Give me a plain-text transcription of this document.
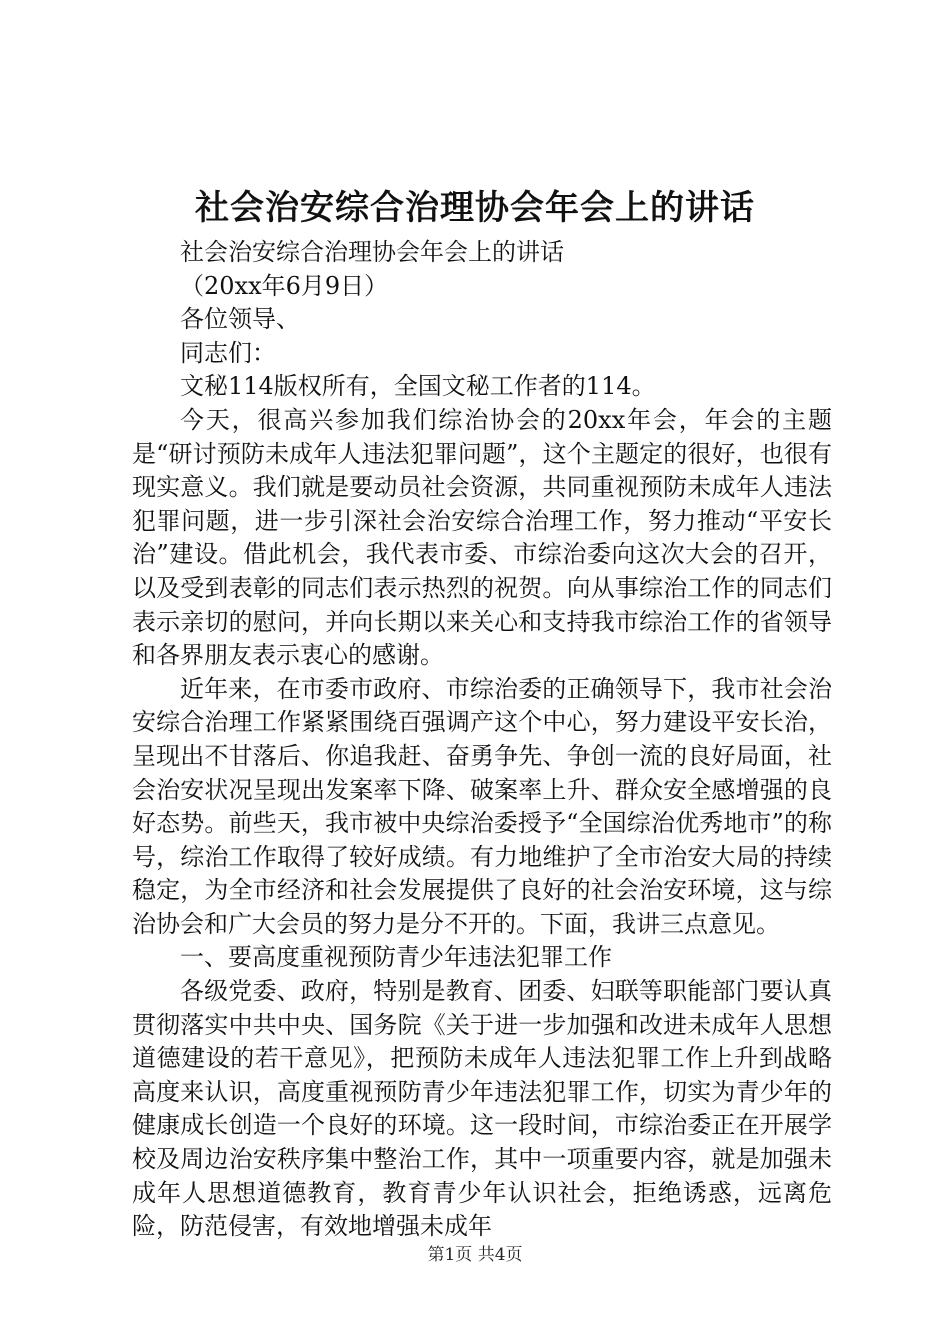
社会治安综合治理协会年会上的讲话

社会治安综合治理协会年会上的讲话

（20xx年6月9日）

各位领导、

同志们：

文秘114版权所有，全国文秘工作者的114。

今天，很高兴参加我们综治协会的20xx年会，年会的主题是“研讨预防未成年人违法犯罪问题”，这个主题定的很好，也很有现实意义。我们就是要动员社会资源，共同重视预防未成年人违法犯罪问题，进一步引深社会治安综合治理工作，努力推动“平安长治”建设。借此机会，我代表市委、市综治委向这次大会的召开，以及受到表彰的同志们表示热烈的祝贺。向从事综治工作的同志们表示亲切的慰问，并向长期以来关心和支持我市综治工作的省领导和各界朋友表示衷心的感谢。

近年来，在市委市政府、市综治委的正确领导下，我市社会治安综合治理工作紧紧围绕百强调产这个中心，努力建设平安长治，呈现出不甘落后、你追我赶、奋勇争先、争创一流的良好局面，社会治安状况呈现出发案率下降、破案率上升、群众安全感增强的良好态势。前些天，我市被中央综治委授予“全国综治优秀地市”的称号，综治工作取得了较好成绩。有力地维护了全市治安大局的持续稳定，为全市经济和社会发展提供了良好的社会治安环境，这与综治协会和广大会员的努力是分不开的。下面，我讲三点意见。

一、要高度重视预防青少年违法犯罪工作

各级党委、政府，特别是教育、团委、妇联等职能部门要认真贯彻落实中共中央、国务院《关于进一步加强和改进未成年人思想道德建设的若干意见》，把预防未成年人违法犯罪工作上升到战略高度来认识，高度重视预防青少年违法犯罪工作，切实为青少年的健康成长创造一个良好的环境。这一段时间，市综治委正在开展学校及周边治安秩序集中整治工作，其中一项重要内容，就是加强未成年人思想道德教育，教育青少年认识社会，拒绝诱惑，远离危险，防范侵害，有效地增强未成年

第1页 共4页
